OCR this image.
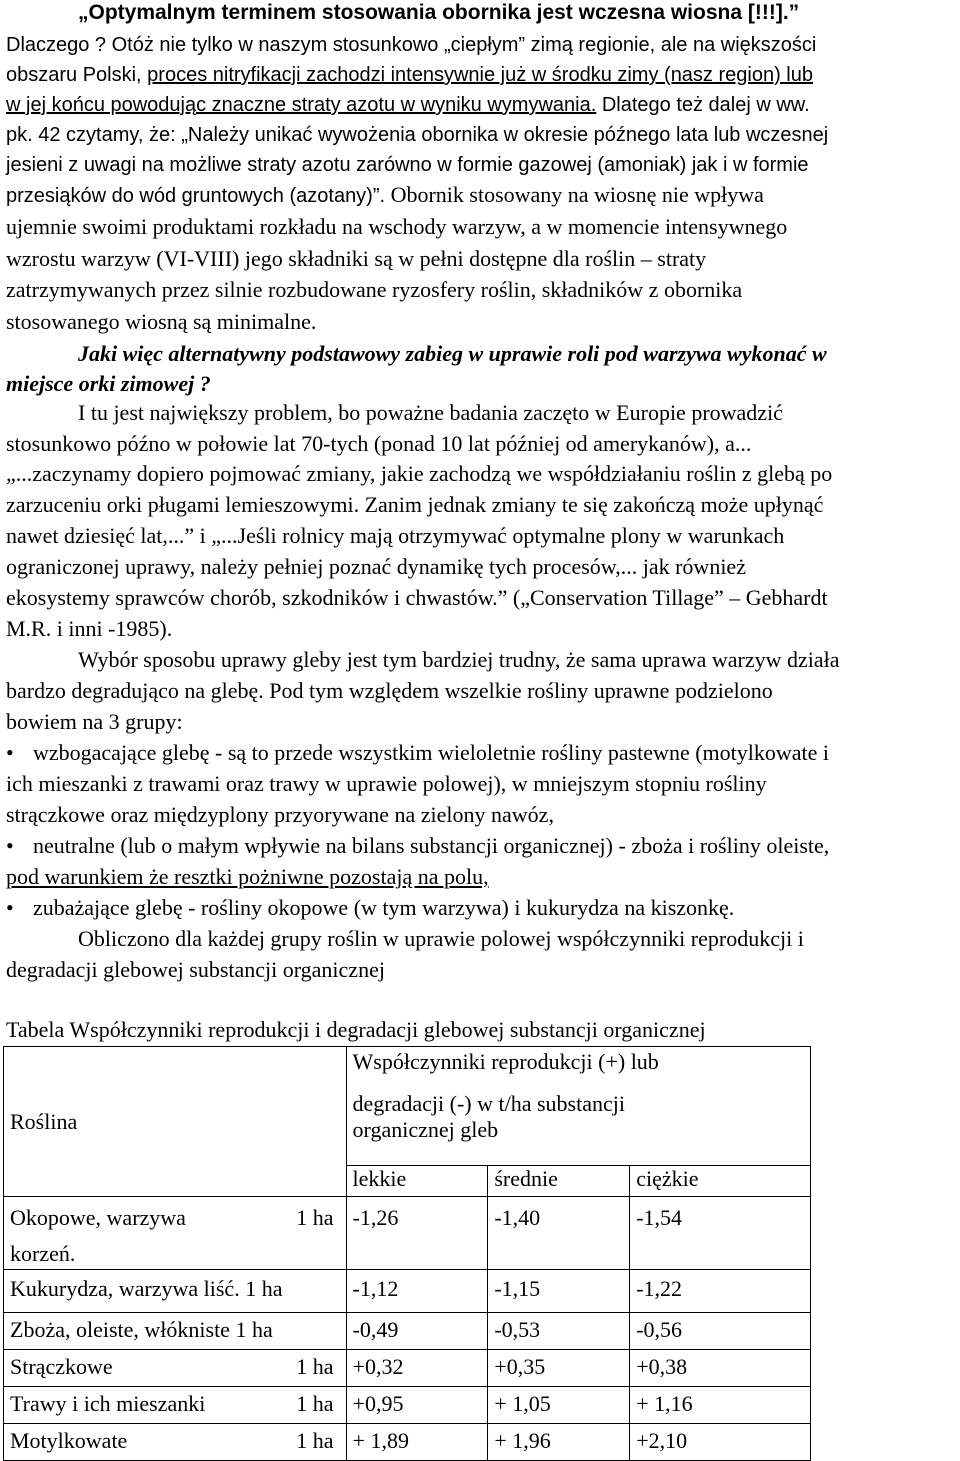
„Optymalnym terminem stosowania obornika jest wczesna wiosna [!!!].”
Dlaczego ? Otóż nie tylko w naszym stosunkowo „ciepłym” zimą regionie, ale na większości
obszaru Polski, proces nitryfikacji zachodzi intensywnie już w środku zimy (nasz region) lub
w jej końcu powodując znaczne straty azotu w wyniku wymywania. Dlatego też dalej w ww.
pk. 42 czytamy, że: „Należy unikać wywożenia obornika w okresie późnego lata lub wczesnej
jesieni z uwagi na możliwe straty azotu zarówno w formie gazowej (amoniak) jak i w formie
przesiąków do wód gruntowych (azotany)”. Obornik stosowany na wiosnę nie wpływa
ujemnie swoimi produktami rozkładu na wschody warzyw, a w momencie intensywnego
wzrostu warzyw (VI-VIII) jego składniki są w pełni dostępne dla roślin – straty
zatrzymywanych przez silnie rozbudowane ryzosfery roślin, składników z obornika
stosowanego wiosną są minimalne.
Jaki więc alternatywny podstawowy zabieg w uprawie roli pod warzywa wykonać w
miejsce orki zimowej ?
I tu jest największy problem, bo poważne badania zaczęto w Europie prowadzić
stosunkowo późno w połowie lat 70-tych (ponad 10 lat później od amerykanów), a...
„...zaczynamy dopiero pojmować zmiany, jakie zachodzą we współdziałaniu roślin z glebą po
zarzuceniu orki pługami lemieszowymi. Zanim jednak zmiany te się zakończą może upłynąć
nawet dziesięć lat,...” i „...Jeśli rolnicy mają otrzymywać optymalne plony w warunkach
ograniczonej uprawy, należy pełniej poznać dynamikę tych procesów,... jak również
ekosystemy sprawców chorób, szkodników i chwastów.” („Conservation Tillage” – Gebhardt
M.R. i inni -1985).
Wybór sposobu uprawy gleby jest tym bardziej trudny, że sama uprawa warzyw działa
bardzo degradująco na glebę. Pod tym względem wszelkie rośliny uprawne podzielono
bowiem na 3 grupy:
• wzbogacające glebę - są to przede wszystkim wieloletnie rośliny pastewne (motylkowate i
ich mieszanki z trawami oraz trawy w uprawie polowej), w mniejszym stopniu rośliny
strączkowe oraz międzyplony przyorywane na zielony nawóz,
• neutralne (lub o małym wpływie na bilans substancji organicznej) - zboża i rośliny oleiste,
pod warunkiem że resztki pożniwne pozostają na polu,
• zubażające glebę - rośliny okopowe (w tym warzywa) i kukurydza na kiszonkę.
Obliczono dla każdej grupy roślin w uprawie polowej współczynniki reprodukcji i
degradacji glebowej substancji organicznej
Tabela Współczynniki reprodukcji i degradacji glebowej substancji organicznej
Roślina	Współczynniki reprodukcji (+) lub
degradacji (-) w t/ha substancji
organicznej gleb		

	lekkie	średnie	ciężkie

Okopowe, warzywa 1 ha
korzeń.	-1,26	-1,40	-1,54

Kukurydza, warzywa liść. 1 ha	-1,12	-1,15	-1,22

Zboża, oleiste, włókniste 1 ha	-0,49	-0,53	-0,56

Strączkowe 1 ha	+0,32	+0,35	+0,38

Trawy i ich mieszanki 1 ha	+0,95	+ 1,05	+ 1,16

Motylkowate 1 ha	+ 1,89	+ 1,96	+2,10
